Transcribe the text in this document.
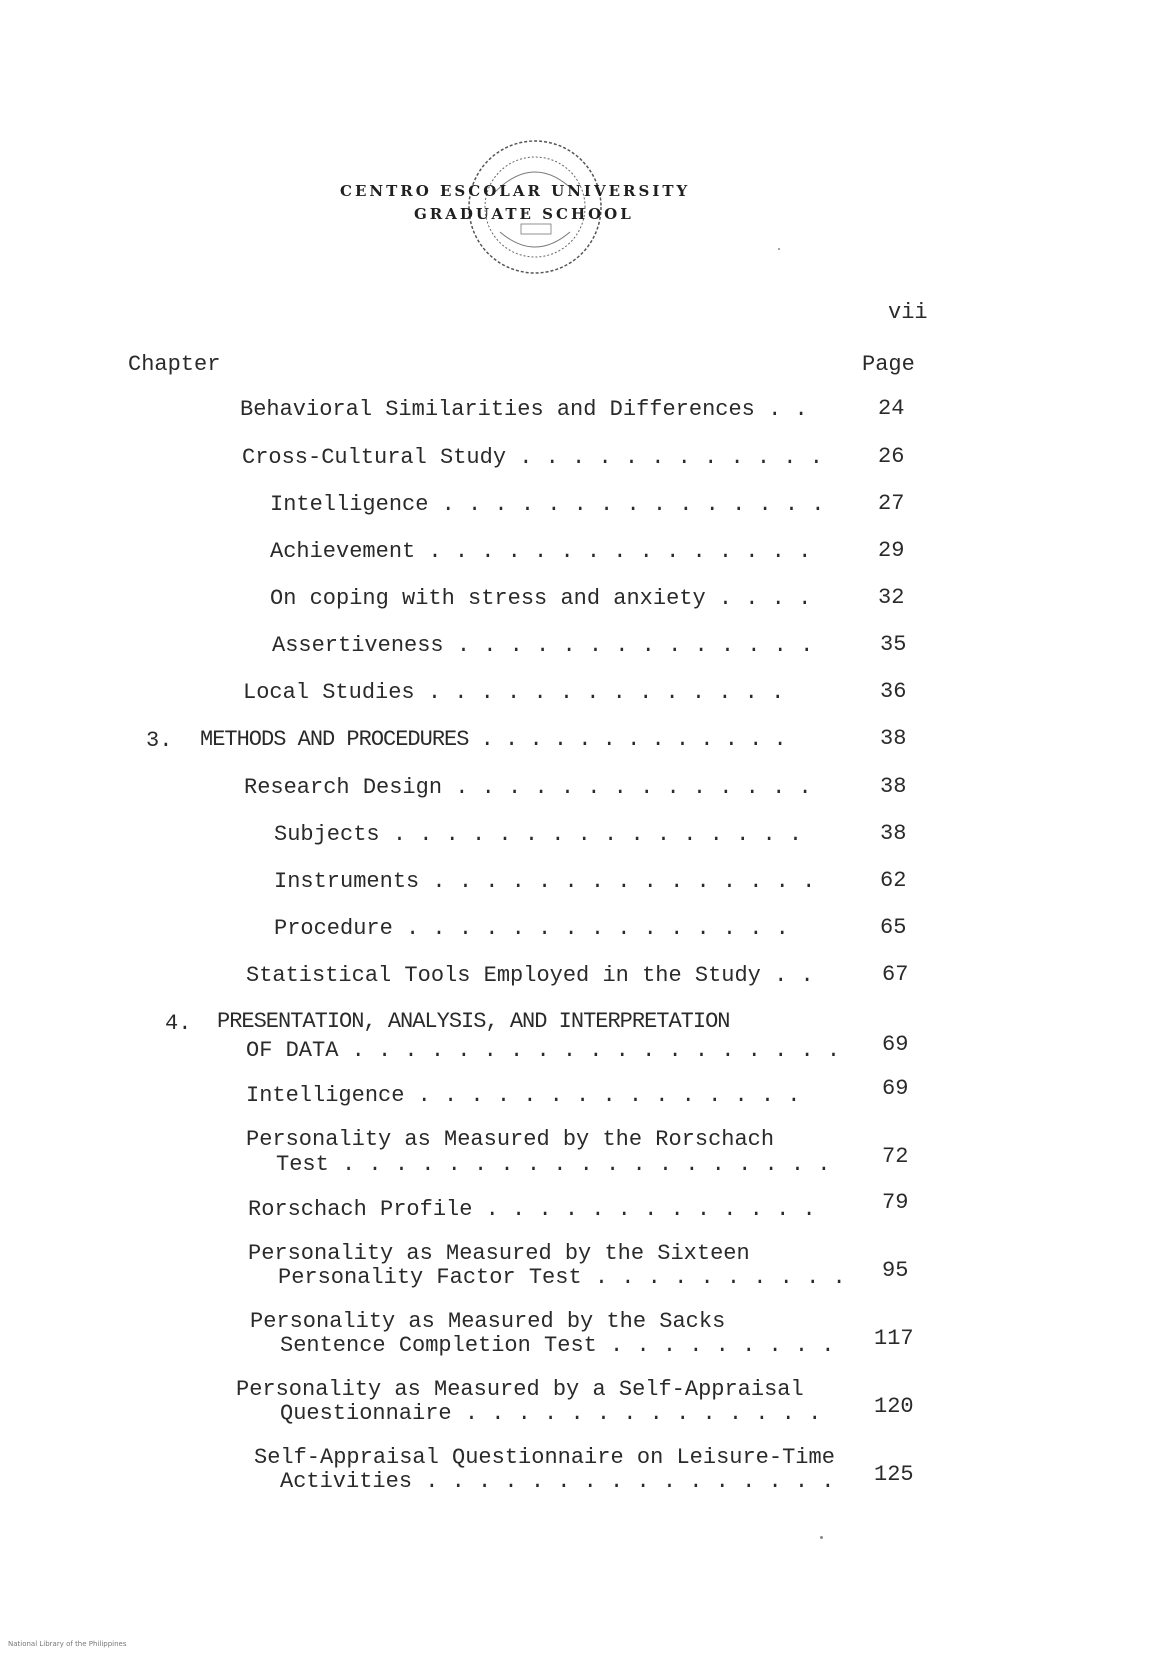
CENTRO ESCOLAR UNIVERSITY
GRADUATE SCHOOL
vii
Chapter	Page
Behavioral Similarities and Differences . .	24
Cross-Cultural Study . . . . . . . . . . . .	26
Intelligence . . . . . . . . . . . . . . . 27
Achievement . . . . . . . . . . . . . . .	29
On coping with stress and anxiety . . . .	32
Assertiveness . . . . . . . . . . . . . .	35
Local Studies . . . . . . . . . . . . . .	36
3. METHODS AND PROCEDURES . . . . . . . . . . . . .	38
Research Design . . . . . . . . . . . . . .	38
Subjects . . . . . . . . . . . . . . . .	38
Instruments . . . . . . . . . . . . . . .	62
Procedure . . . . . . . . . . . . . . .	65
Statistical Tools Employed in the Study . .	67
4. PRESENTATION, ANALYSIS, AND INTERPRETATION
OF DATA . . . . . . . . . . . . . . . . . . . 69
Intelligence . . . . . . . . . . . . . . .	69
Personality as Measured by the Rorschach
Test . . . . . . . . . . . . . . . . . . . 72
Rorschach Profile . . . . . . . . . . . . .	79
Personality as Measured by the Sixteen
Personality Factor Test . . . . . . . . . . 95
Personality as Measured by the Sacks
Sentence Completion Test . . . . . . . . . 117
Personality as Measured by a Self-Appraisal
Questionnaire . . . . . . . . . . . . . . 120
Self-Appraisal Questionnaire on Leisure-Time
Activities . . . . . . . . . . . . . . . . 125
National Library of the Philippines
